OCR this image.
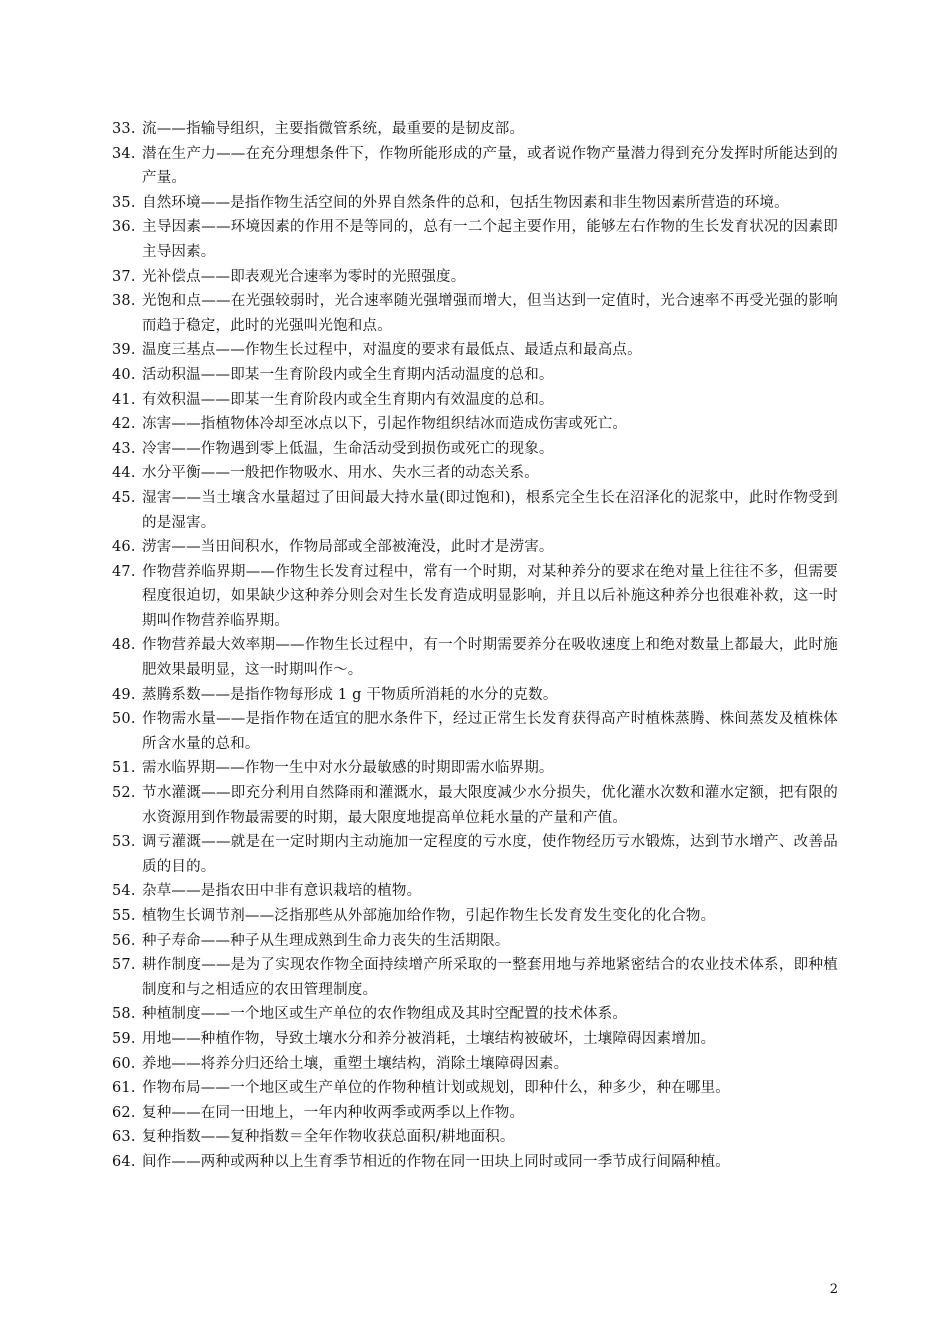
33. 流——指输导组织，主要指微管系统，最重要的是韧皮部。
34. 潜在生产力——在充分理想条件下，作物所能形成的产量，或者说作物产量潜力得到充分发挥时所能达到的产量。
35. 自然环境——是指作物生活空间的外界自然条件的总和，包括生物因素和非生物因素所营造的环境。
36. 主导因素——环境因素的作用不是等同的，总有一二个起主要作用，能够左右作物的生长发育状况的因素即主导因素。
37. 光补偿点——即表观光合速率为零时的光照强度。
38. 光饱和点——在光强较弱时，光合速率随光强增强而增大，但当达到一定值时，光合速率不再受光强的影响而趋于稳定，此时的光强叫光饱和点。
39. 温度三基点——作物生长过程中，对温度的要求有最低点、最适点和最高点。
40. 活动积温——即某一生育阶段内或全生育期内活动温度的总和。
41. 有效积温——即某一生育阶段内或全生育期内有效温度的总和。
42. 冻害——指植物体冷却至冰点以下，引起作物组织结冰而造成伤害或死亡。
43. 冷害——作物遇到零上低温，生命活动受到损伤或死亡的现象。
44. 水分平衡——一般把作物吸水、用水、失水三者的动态关系。
45. 湿害——当土壤含水量超过了田间最大持水量(即过饱和)，根系完全生长在沼泽化的泥浆中，此时作物受到的是湿害。
46. 涝害——当田间积水，作物局部或全部被淹没，此时才是涝害。
47. 作物营养临界期——作物生长发育过程中，常有一个时期，对某种养分的要求在绝对量上往往不多，但需要程度很迫切，如果缺少这种养分则会对生长发育造成明显影响，并且以后补施这种养分也很难补救，这一时期叫作物营养临界期。
48. 作物营养最大效率期——作物生长过程中，有一个时期需要养分在吸收速度上和绝对数量上都最大，此时施肥效果最明显，这一时期叫作～。
49. 蒸腾系数——是指作物每形成 1 g 干物质所消耗的水分的克数。
50. 作物需水量——是指作物在适宜的肥水条件下，经过正常生长发育获得高产时植株蒸腾、株间蒸发及植株体所含水量的总和。
51. 需水临界期——作物一生中对水分最敏感的时期即需水临界期。
52. 节水灌溉——即充分利用自然降雨和灌溉水，最大限度减少水分损失，优化灌水次数和灌水定额，把有限的水资源用到作物最需要的时期，最大限度地提高单位耗水量的产量和产值。
53. 调亏灌溉——就是在一定时期内主动施加一定程度的亏水度，使作物经历亏水锻炼，达到节水增产、改善品质的目的。
54. 杂草——是指农田中非有意识栽培的植物。
55. 植物生长调节剂——泛指那些从外部施加给作物，引起作物生长发育发生变化的化合物。
56. 种子寿命——种子从生理成熟到生命力丧失的生活期限。
57. 耕作制度——是为了实现农作物全面持续增产所采取的一整套用地与养地紧密结合的农业技术体系，即种植制度和与之相适应的农田管理制度。
58. 种植制度——一个地区或生产单位的农作物组成及其时空配置的技术体系。
59. 用地——种植作物，导致土壤水分和养分被消耗，土壤结构被破坏，土壤障碍因素增加。
60. 养地——将养分归还给土壤，重塑土壤结构，消除土壤障碍因素。
61. 作物布局——一个地区或生产单位的作物种植计划或规划，即种什么，种多少，种在哪里。
62. 复种——在同一田地上，一年内种收两季或两季以上作物。
63. 复种指数——复种指数＝全年作物收获总面积/耕地面积。
64. 间作——两种或两种以上生育季节相近的作物在同一田块上同时或同一季节成行间隔种植。
2
